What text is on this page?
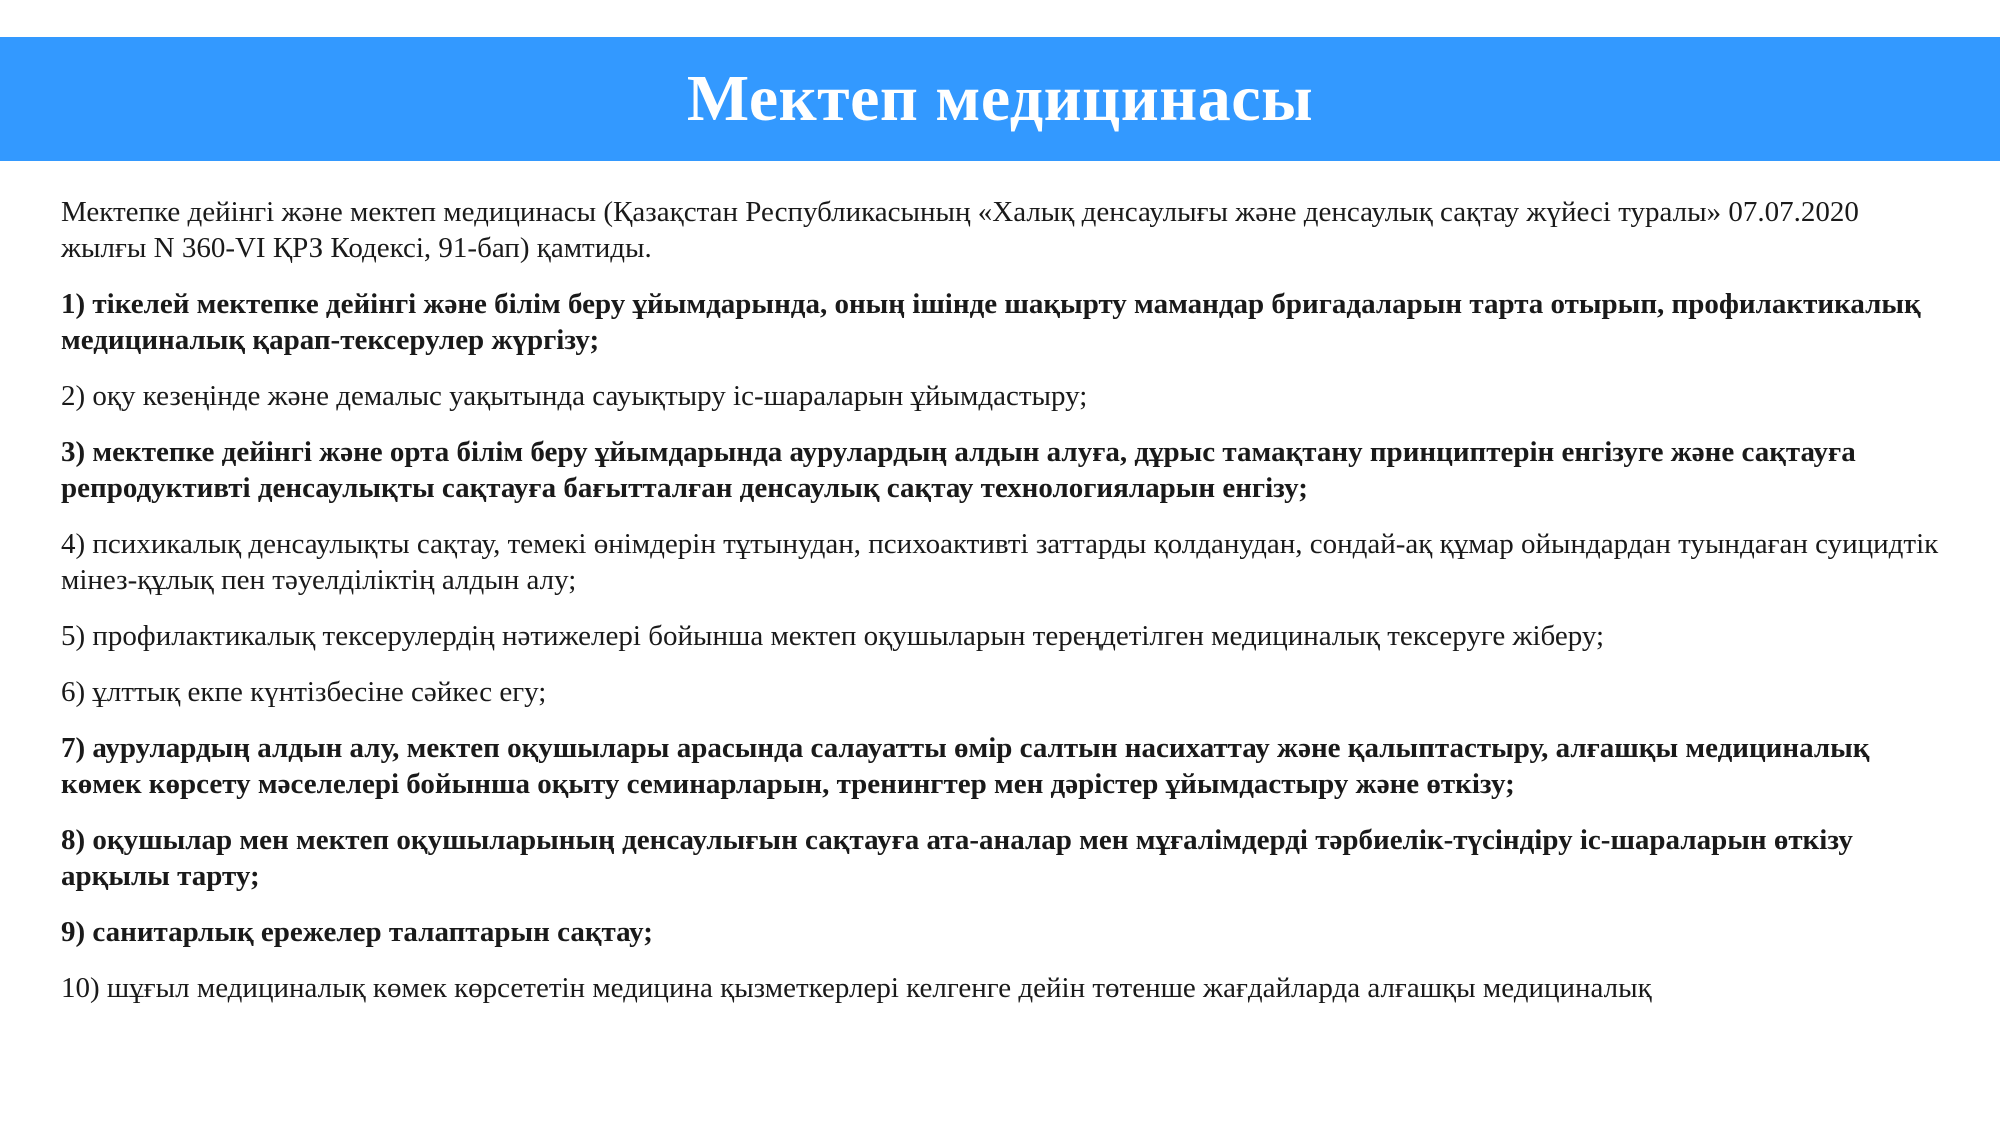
Мектеп медицинасы

Мектепке дейінгі және мектеп медицинасы (Қазақстан Республикасының «Халық денсаулығы және денсаулық сақтау жүйесі туралы» 07.07.2020 жылғы N 360-VI ҚРЗ Кодексі, 91-бап) қамтиды.

1) тікелей мектепке дейінгі және білім беру ұйымдарында, оның ішінде шақырту мамандар бригадаларын тарта отырып, профилактикалық медициналық қарап-тексерулер жүргізу;

2) оқу кезеңінде және демалыс уақытында сауықтыру іс-шараларын ұйымдастыру;

3) мектепке дейінгі және орта білім беру ұйымдарында аурулардың алдын алуға, дұрыс тамақтану принциптерін енгізуге және сақтауға репродуктивті денсаулықты сақтауға бағытталған денсаулық сақтау технологияларын енгізу;

4) психикалық денсаулықты сақтау, темекі өнімдерін тұтынудан, психоактивті заттарды қолданудан, сондай-ақ құмар ойындардан туындаған суицидтік мінез-құлық пен тәуелділіктің алдын алу;

5) профилактикалық тексерулердің нәтижелері бойынша мектеп оқушыларын тереңдетілген медициналық тексеруге жіберу;

6) ұлттық екпе күнтізбесіне сәйкес егу;

7) аурулардың алдын алу, мектеп оқушылары арасында салауатты өмір салтын насихаттау және қалыптастыру, алғашқы медициналық көмек көрсету мәселелері бойынша оқыту семинарларын, тренингтер мен дәрістер ұйымдастыру және өткізу;

8) оқушылар мен мектеп оқушыларының денсаулығын сақтауға ата-аналар мен мұғалімдерді тәрбиелік-түсіндіру іс-шараларын өткізу арқылы тарту;

9) санитарлық ережелер талаптарын сақтау;

10) шұғыл медициналық көмек көрсететін медицина қызметкерлері келгенге дейін төтенше жағдайларда алғашқы медициналық
